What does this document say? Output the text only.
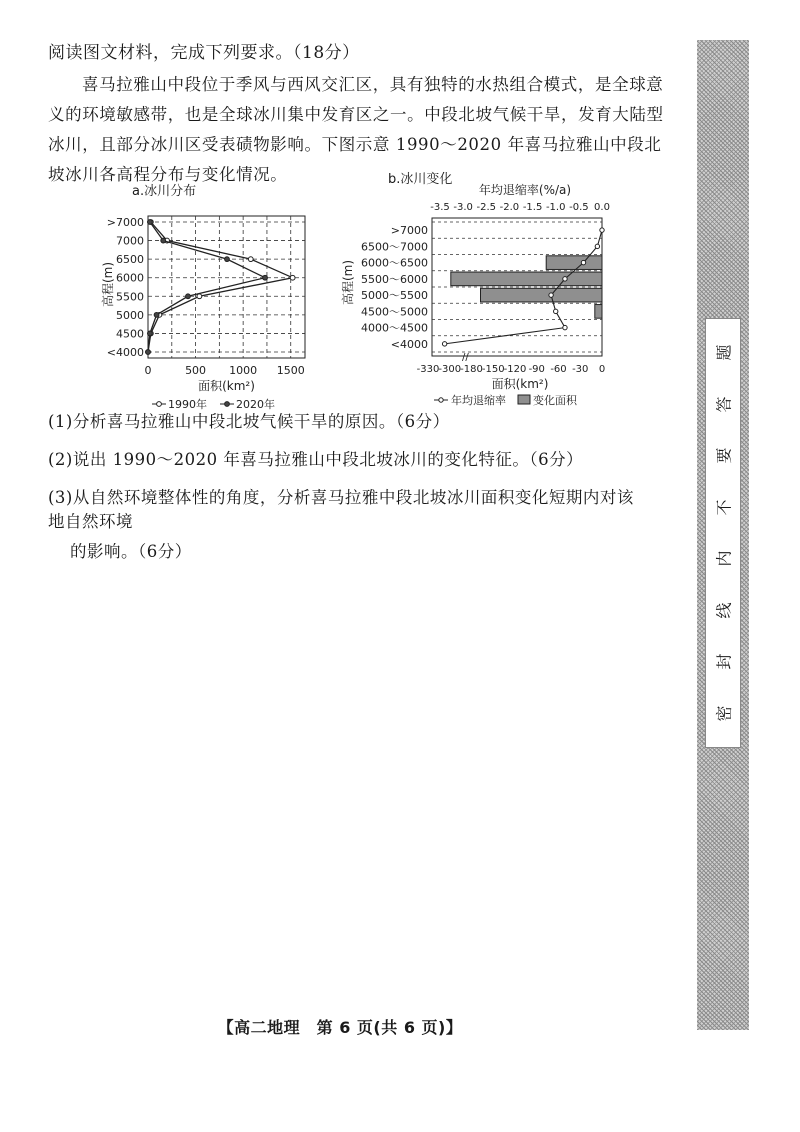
阅读图文材料，完成下列要求。（18分）

喜马拉雅山中段位于季风与西风交汇区，具有独特的水热组合模式，是全球意义的环境敏感带，也是全球冰川集中发育区之一。中段北坡气候干旱，发育大陆型冰川，且部分冰川区受表碛物影响。下图示意 1990～2020 年喜马拉雅山中段北坡冰川各高程分布与变化情况。

a.冰川分布
<4000
4500
5000
5500
6000
6500
7000
>7000
0	500 1000 1500
高程(m)
面积(km²)
1990年	2020年
b.冰川变化
年均退缩率(%/a)
-3.5 -3.0 -2.5 -2.0 -1.5 -1.0 -0.5 0.0
<4000
4000～4500
4500～5000
5000～5500
5500～6000
6000～6500
6500～7000
>7000
高程(m)
-330 -300 -180 -150 -120 -90 -60 -30 0
//
面积(km²)
年均退缩率 变化面积
(1)分析喜马拉雅山中段北坡气候干旱的原因。（6分）
(2)说出 1990～2020 年喜马拉雅山中段北坡冰川的变化特征。（6分）
(3)从自然环境整体性的角度，分析喜马拉雅中段北坡冰川面积变化短期内对该地自然环境
的影响。（6分）
【高二地理　第 6 页(共 6 页)】
题
答
要
不
内
线
封
密
